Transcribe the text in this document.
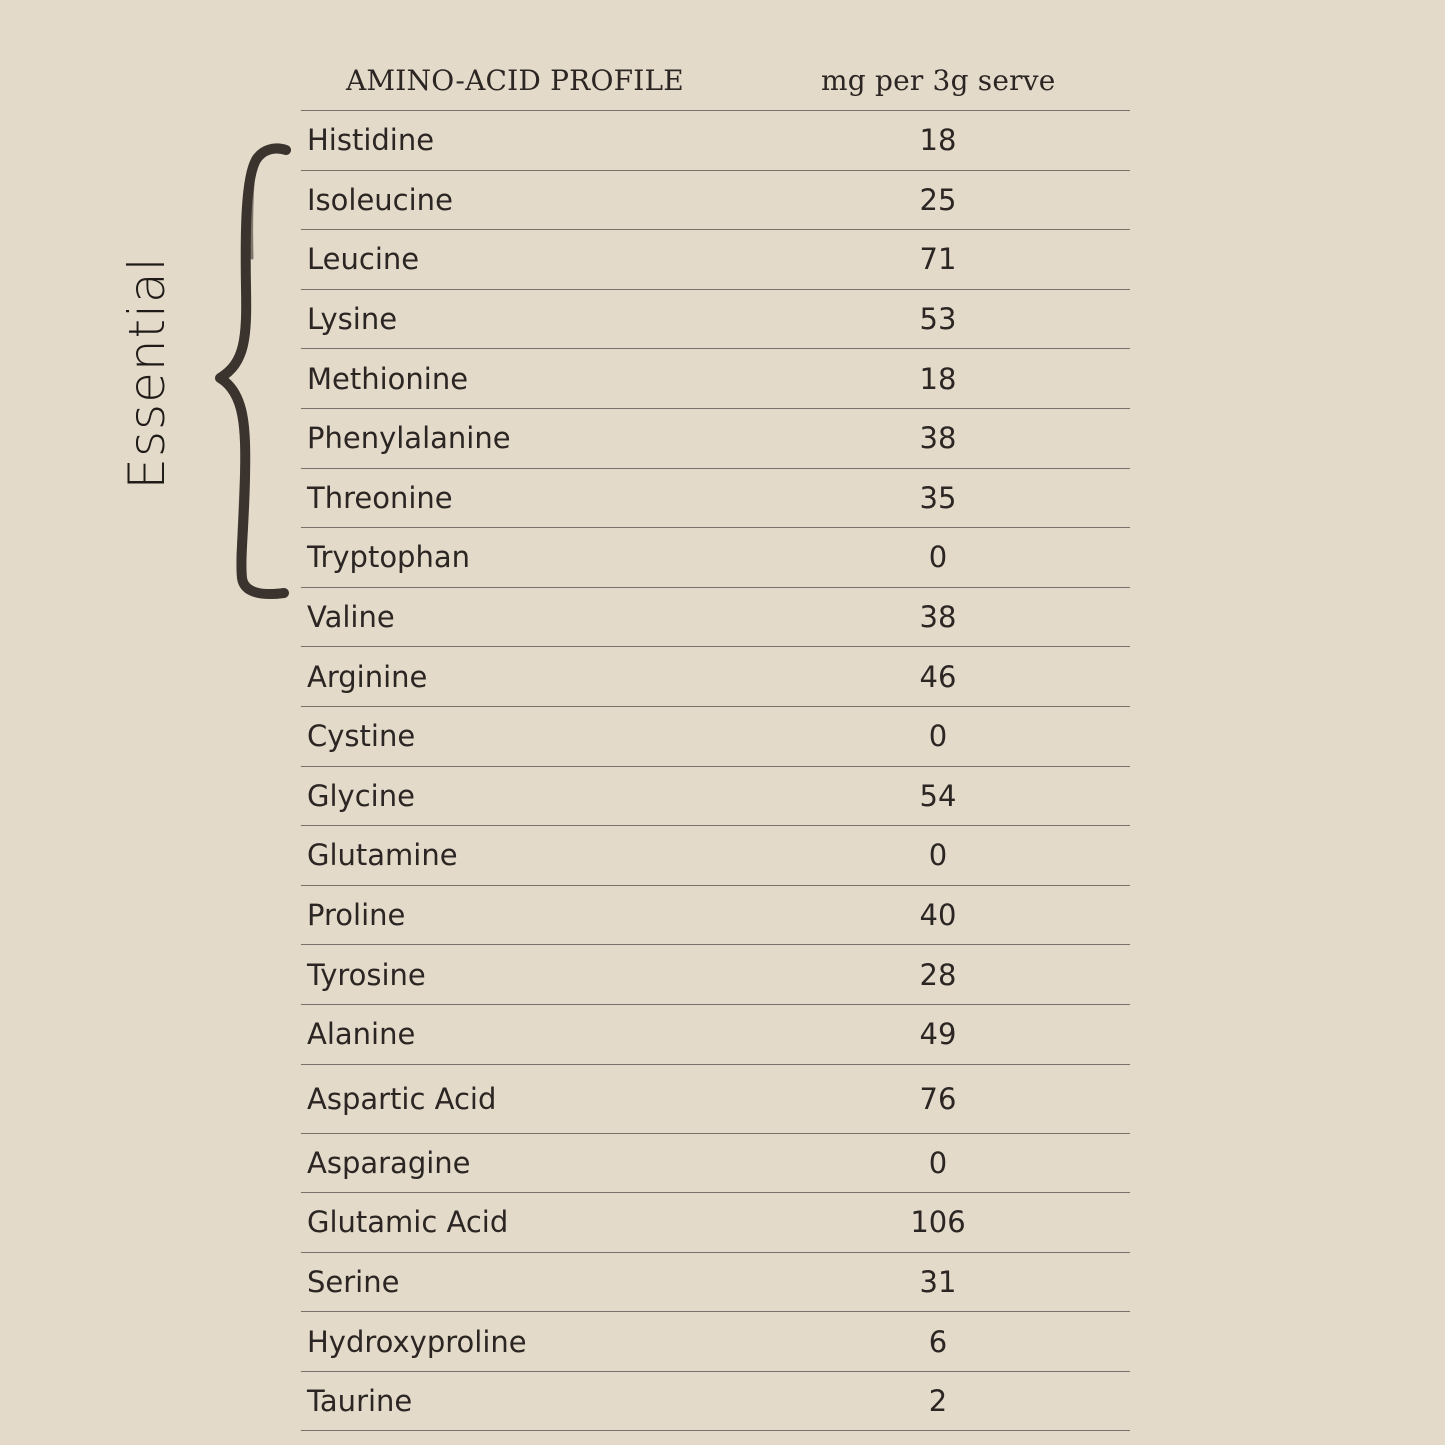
AMINO-ACID PROFILE	mg per 3g serve
Essential
Histidine	18
Isoleucine	25
Leucine	71
Lysine	53
Methionine	18
Phenylalanine	38
Threonine	35
Tryptophan	0
Valine	38
Arginine	46
Cystine	0
Glycine	54
Glutamine	0
Proline	40
Tyrosine	28
Alanine	49
Aspartic Acid	76
Asparagine	0
Glutamic Acid	106
Serine	31
Hydroxyproline	6
Taurine	2
